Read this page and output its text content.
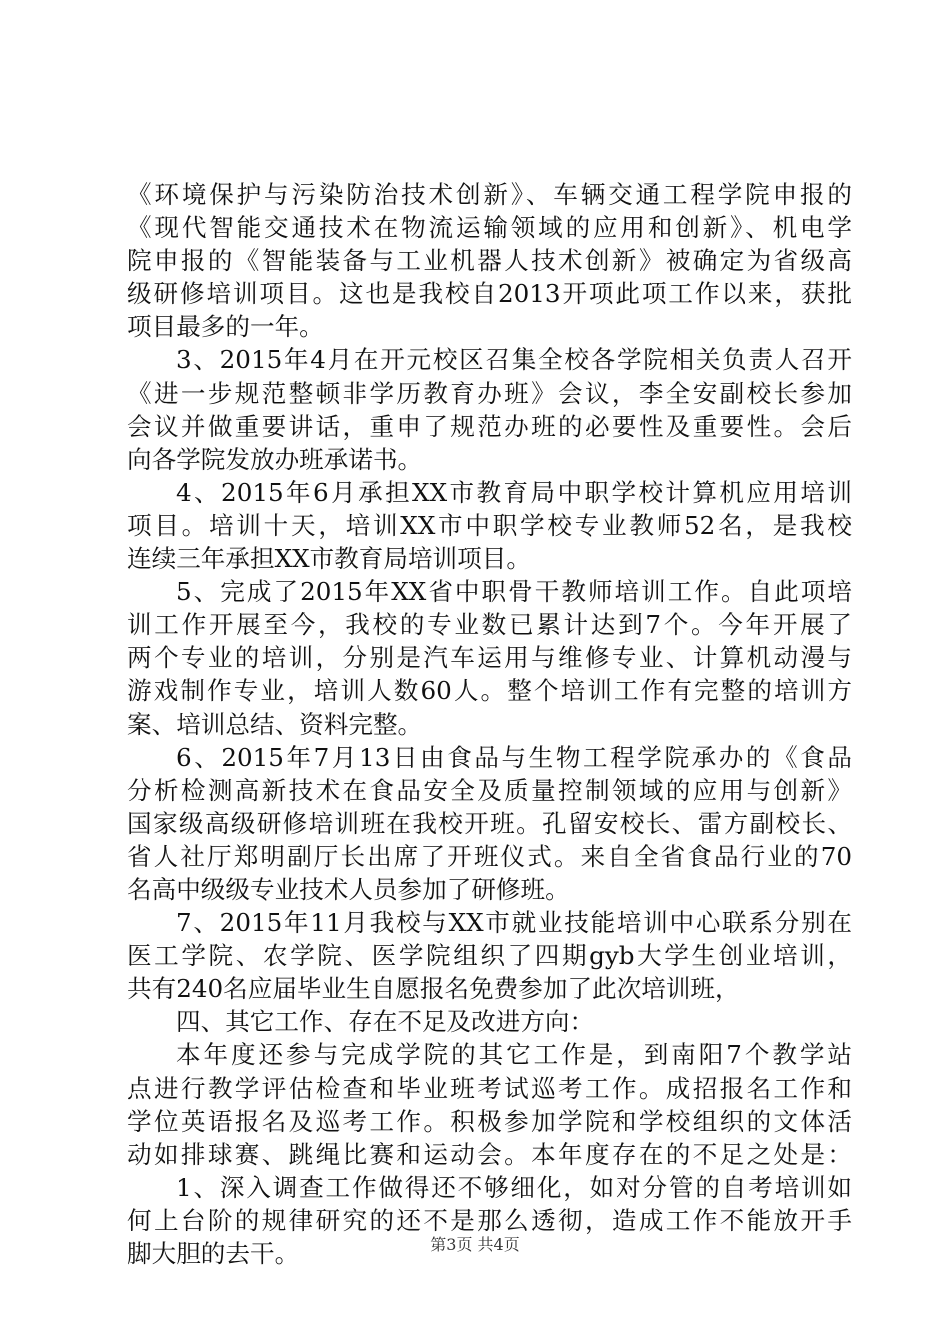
《环境保护与污染防治技术创新》、车辆交通工程学院申报的
《现代智能交通技术在物流运输领域的应用和创新》、机电学
院申报的《智能装备与工业机器人技术创新》被确定为省级高
级研修培训项目。这也是我校自2013开项此项工作以来，获批
项目最多的一年。
3、2015年4月在开元校区召集全校各学院相关负责人召开
《进一步规范整顿非学历教育办班》会议，李全安副校长参加
会议并做重要讲话，重申了规范办班的必要性及重要性。会后
向各学院发放办班承诺书。
4、2015年6月承担XX市教育局中职学校计算机应用培训
项目。培训十天，培训XX市中职学校专业教师52名，是我校
连续三年承担XX市教育局培训项目。
5、完成了2015年XX省中职骨干教师培训工作。自此项培
训工作开展至今，我校的专业数已累计达到7个。今年开展了
两个专业的培训，分别是汽车运用与维修专业、计算机动漫与
游戏制作专业，培训人数60人。整个培训工作有完整的培训方
案、培训总结、资料完整。
6、2015年7月13日由食品与生物工程学院承办的《食品
分析检测高新技术在食品安全及质量控制领域的应用与创新》
国家级高级研修培训班在我校开班。孔留安校长、雷方副校长、
省人社厅郑明副厅长出席了开班仪式。来自全省食品行业的70
名高中级级专业技术人员参加了研修班。
7、2015年11月我校与XX市就业技能培训中心联系分别在
医工学院、农学院、医学院组织了四期gyb大学生创业培训，
共有240名应届毕业生自愿报名免费参加了此次培训班，
四、其它工作、存在不足及改进方向：
本年度还参与完成学院的其它工作是，到南阳7个教学站
点进行教学评估检查和毕业班考试巡考工作。成招报名工作和
学位英语报名及巡考工作。积极参加学院和学校组织的文体活
动如排球赛、跳绳比赛和运动会。本年度存在的不足之处是：
1、深入调查工作做得还不够细化，如对分管的自考培训如
何上台阶的规律研究的还不是那么透彻，造成工作不能放开手
脚大胆的去干。	第3页 共4页
